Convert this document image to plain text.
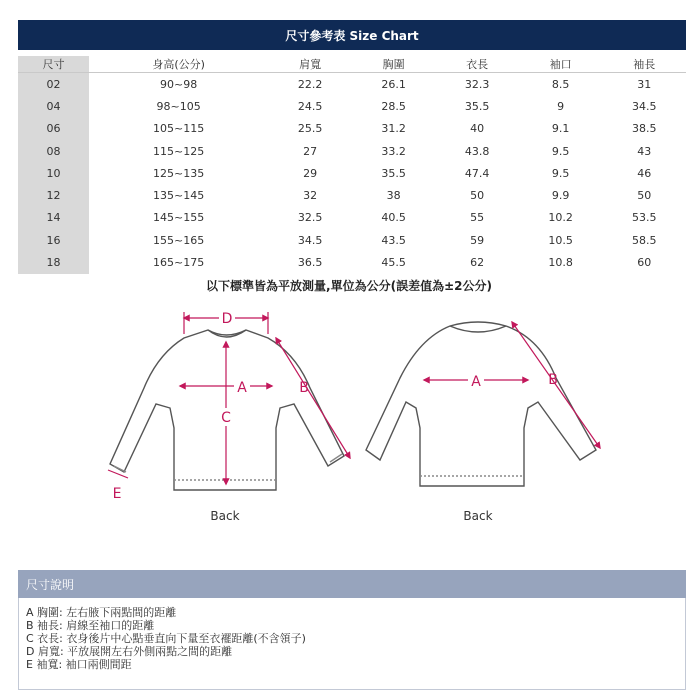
尺寸參考表 Size Chart
尺寸	身高(公分)	肩寬	胸圍	衣長	袖口	袖長
02	90~98	22.2	26.1	32.3	8.5	31
04	98~105	24.5	28.5	35.5	9	34.5
06	105~115	25.5	31.2	40	9.1	38.5
08	115~125	27	33.2	43.8	9.5	43
10	125~135	29	35.5	47.4	9.5	46
12	135~145	32	38	50	9.9	50
14	145~155	32.5	40.5	55	10.2	53.5
16	155~165	34.5	43.5	59	10.5	58.5
18	165~175	36.5	45.5	62	10.8	60
以下標準皆為平放測量,單位為公分(誤差值為±2公分)
D
A
C
B
E
Back
A	B
Back
尺寸說明
A 胸圍: 左右腋下兩點間的距離
B 袖長: 肩線至袖口的距離
C 衣長: 衣身後片中心點垂直向下量至衣襬距離(不含領子)
D 肩寬: 平放展開左右外側兩點之間的距離
E 袖寬: 袖口兩側間距
